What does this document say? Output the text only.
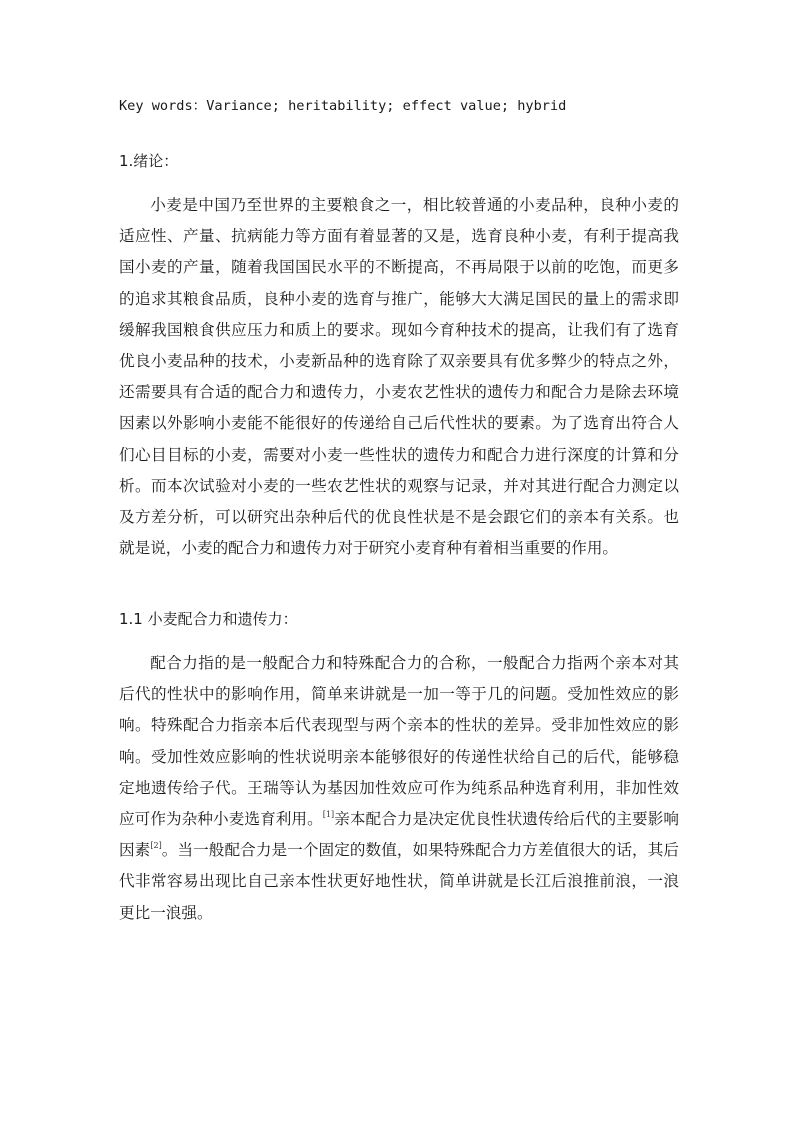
Key words：Variance; heritability; effect value; hybrid
1.绪论：

小麦是中国乃至世界的主要粮食之一，相比较普通的小麦品种，良种小麦的适应性、产量、抗病能力等方面有着显著的又是，选育良种小麦，有利于提高我国小麦的产量，随着我国国民水平的不断提高，不再局限于以前的吃饱，而更多的追求其粮食品质，良种小麦的选育与推广，能够大大满足国民的量上的需求即缓解我国粮食供应压力和质上的要求。现如今育种技术的提高，让我们有了选育优良小麦品种的技术，小麦新品种的选育除了双亲要具有优多弊少的特点之外，还需要具有合适的配合力和遗传力，小麦农艺性状的遗传力和配合力是除去环境因素以外影响小麦能不能很好的传递给自己后代性状的要素。为了选育出符合人们心目目标的小麦，需要对小麦一些性状的遗传力和配合力进行深度的计算和分析。而本次试验对小麦的一些农艺性状的观察与记录，并对其进行配合力测定以及方差分析，可以研究出杂种后代的优良性状是不是会跟它们的亲本有关系。也就是说，小麦的配合力和遗传力对于研究小麦育种有着相当重要的作用。

1.1 小麦配合力和遗传力：

配合力指的是一般配合力和特殊配合力的合称，一般配合力指两个亲本对其后代的性状中的影响作用，简单来讲就是一加一等于几的问题。受加性效应的影响。特殊配合力指亲本后代表现型与两个亲本的性状的差异。受非加性效应的影响。受加性效应影响的性状说明亲本能够很好的传递性状给自己的后代，能够稳定地遗传给子代。王瑞等认为基因加性效应可作为纯系品种选育利用，非加性效应可作为杂种小麦选育利用。[1]亲本配合力是决定优良性状遗传给后代的主要影响因素[2]。当一般配合力是一个固定的数值，如果特殊配合力方差值很大的话，其后代非常容易出现比自己亲本性状更好地性状，简单讲就是长江后浪推前浪，一浪更比一浪强。
